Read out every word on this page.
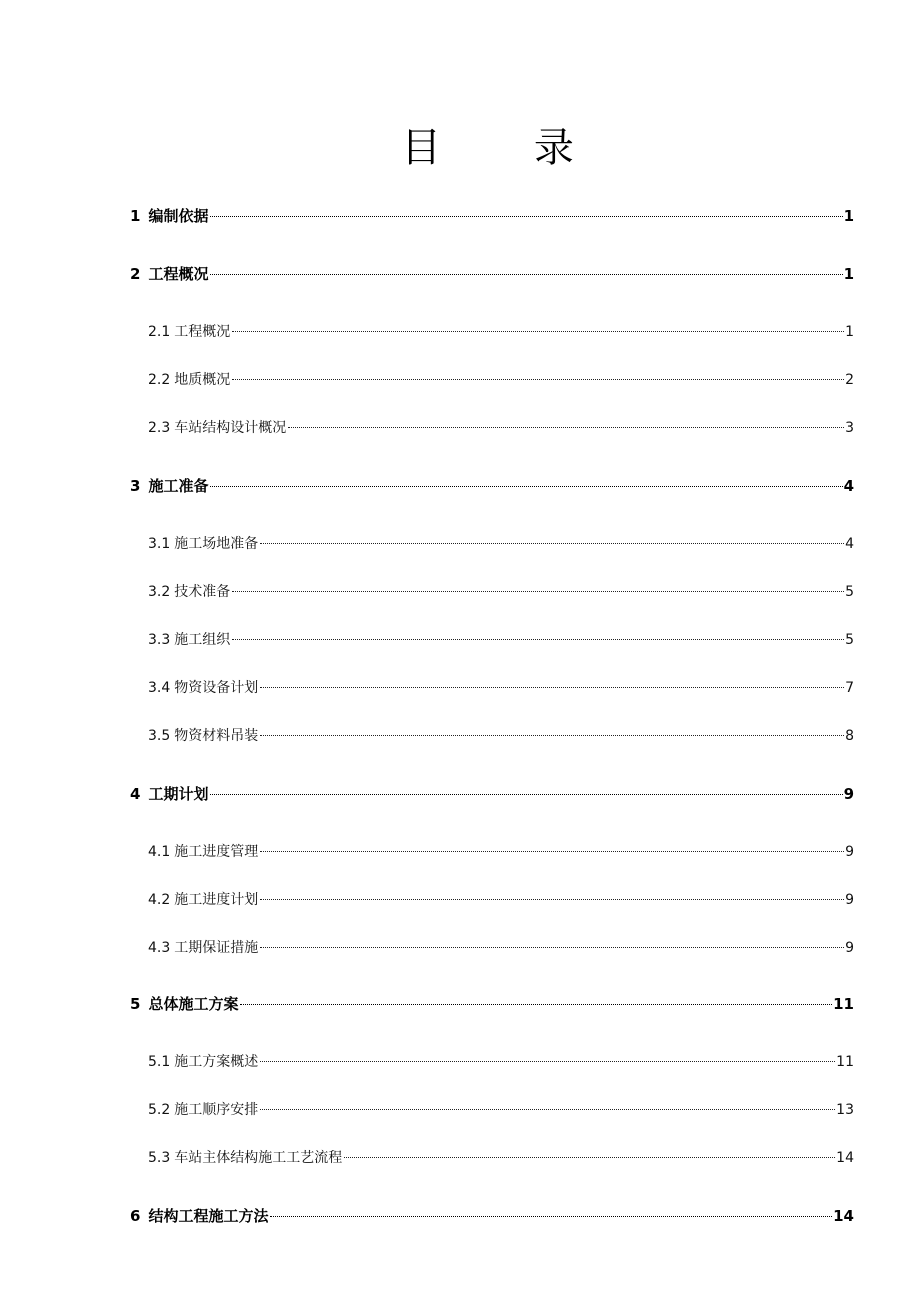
目 录
1 编制依据	1
2 工程概况	1
2.1 工程概况	1
2.2 地质概况	2
2.3 车站结构设计概况	3
3 施工准备	4
3.1 施工场地准备	4
3.2 技术准备	5
3.3 施工组织	5
3.4 物资设备计划	7
3.5 物资材料吊装	8
4 工期计划	9
4.1 施工进度管理	9
4.2 施工进度计划	9
4.3 工期保证措施	9
5 总体施工方案	11
5.1 施工方案概述	11
5.2 施工顺序安排	13
5.3 车站主体结构施工工艺流程	14
6 结构工程施工方法	14
